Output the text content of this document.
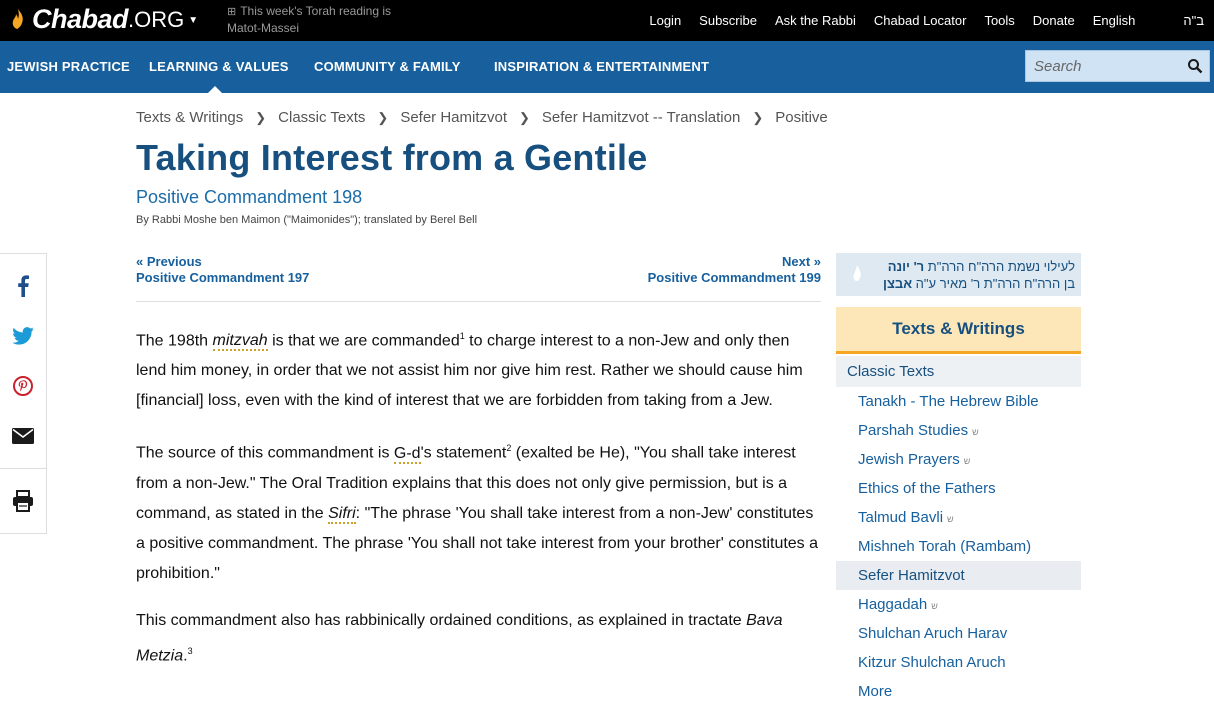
Chabad .ORG ▼
⊞ This week's Torah reading is
Matot-Massei	Login Subscribe Ask the Rabbi Chabad Locator Tools Donate English	ב"ה
JEWISH PRACTICE LEARNING & VALUES COMMUNITY & FAMILY	INSPIRATION & ENTERTAINMENT
Search
Texts & Writings ❯ Classic Texts ❯ Sefer Hamitzvot ❯ Sefer Hamitzvot -- Translation ❯ Positive
Taking Interest from a Gentile
Positive Commandment 198
By Rabbi Moshe ben Maimon ("Maimonides"); translated by Berel Bell
« Previous
Positive Commandment 197
Next »
Positive Commandment 199

The 198th mitzvah is that we are commanded$^1$ to charge interest to a non-Jew and only then lend him money, in order that we not assist him nor give him rest. Rather we should cause him [financial] loss, even with the kind of interest that we are forbidden from taking from a Jew.

The source of this commandment is G‑d's statement$^2$ (exalted be He), "You shall take interest from a non-Jew." The Oral Tradition explains that this does not only give permission, but is a command, as stated in the Sifri: "The phrase 'You shall take interest from a non-Jew' constitutes a positive commandment. The phrase 'You shall not take interest from your brother' constitutes a prohibition."

This commandment also has rabbinically ordained conditions, as explained in tractate Bava Metzia.$^3$

לעילוי נשמת הרה"ח הרה"ת ר' יונה
בן הרה"ח הרה"ת ר' מאיר ע"ה אבצן
Texts & Writings
Classic Texts
Tanakh - The Hebrew Bible
Parshah Studies ש
Jewish Prayers ש
Ethics of the Fathers
Talmud Bavli ש
Mishneh Torah (Rambam)
Sefer Hamitzvot
Haggadah ש
Shulchan Aruch Harav
Kitzur Shulchan Aruch
More
